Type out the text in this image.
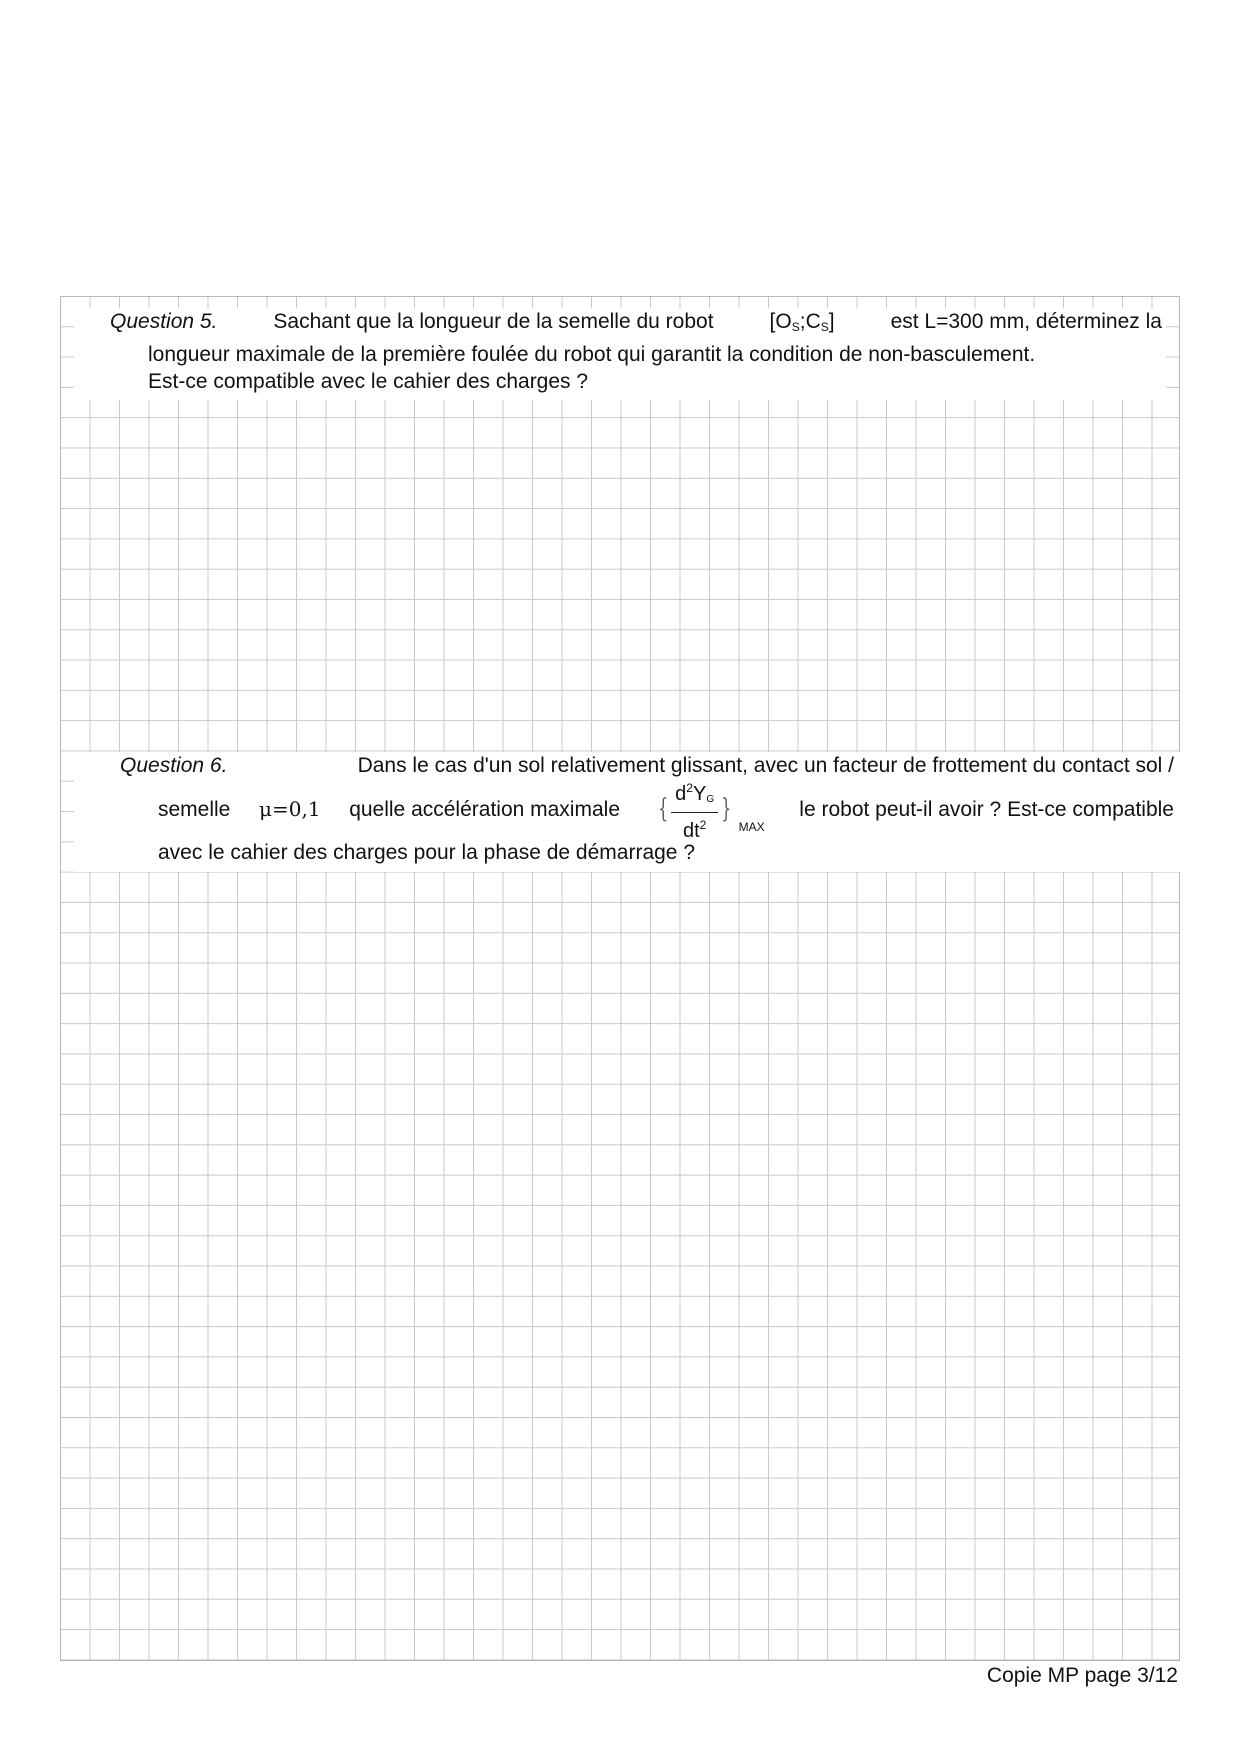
Question 5.	Sachant que la longueur de la semelle du robot	$[O_S;C_S]$	est L=300 mm, déterminez la
longueur maximale de la première foulée du robot qui garantit la condition de non-basculement.
Est-ce compatible avec le cahier des charges ?
Question 6.	Dans le cas d'un sol relativement glissant, avec un facteur de frottement du contact sol /
semelle μ=0,1 quelle accélération maximale { $\frac{d^2Y_G}{dt^2}$ }
MAX
le robot peut-il avoir ? Est-ce compatible
avec le cahier des charges pour la phase de démarrage ?
Copie MP page 3/12
